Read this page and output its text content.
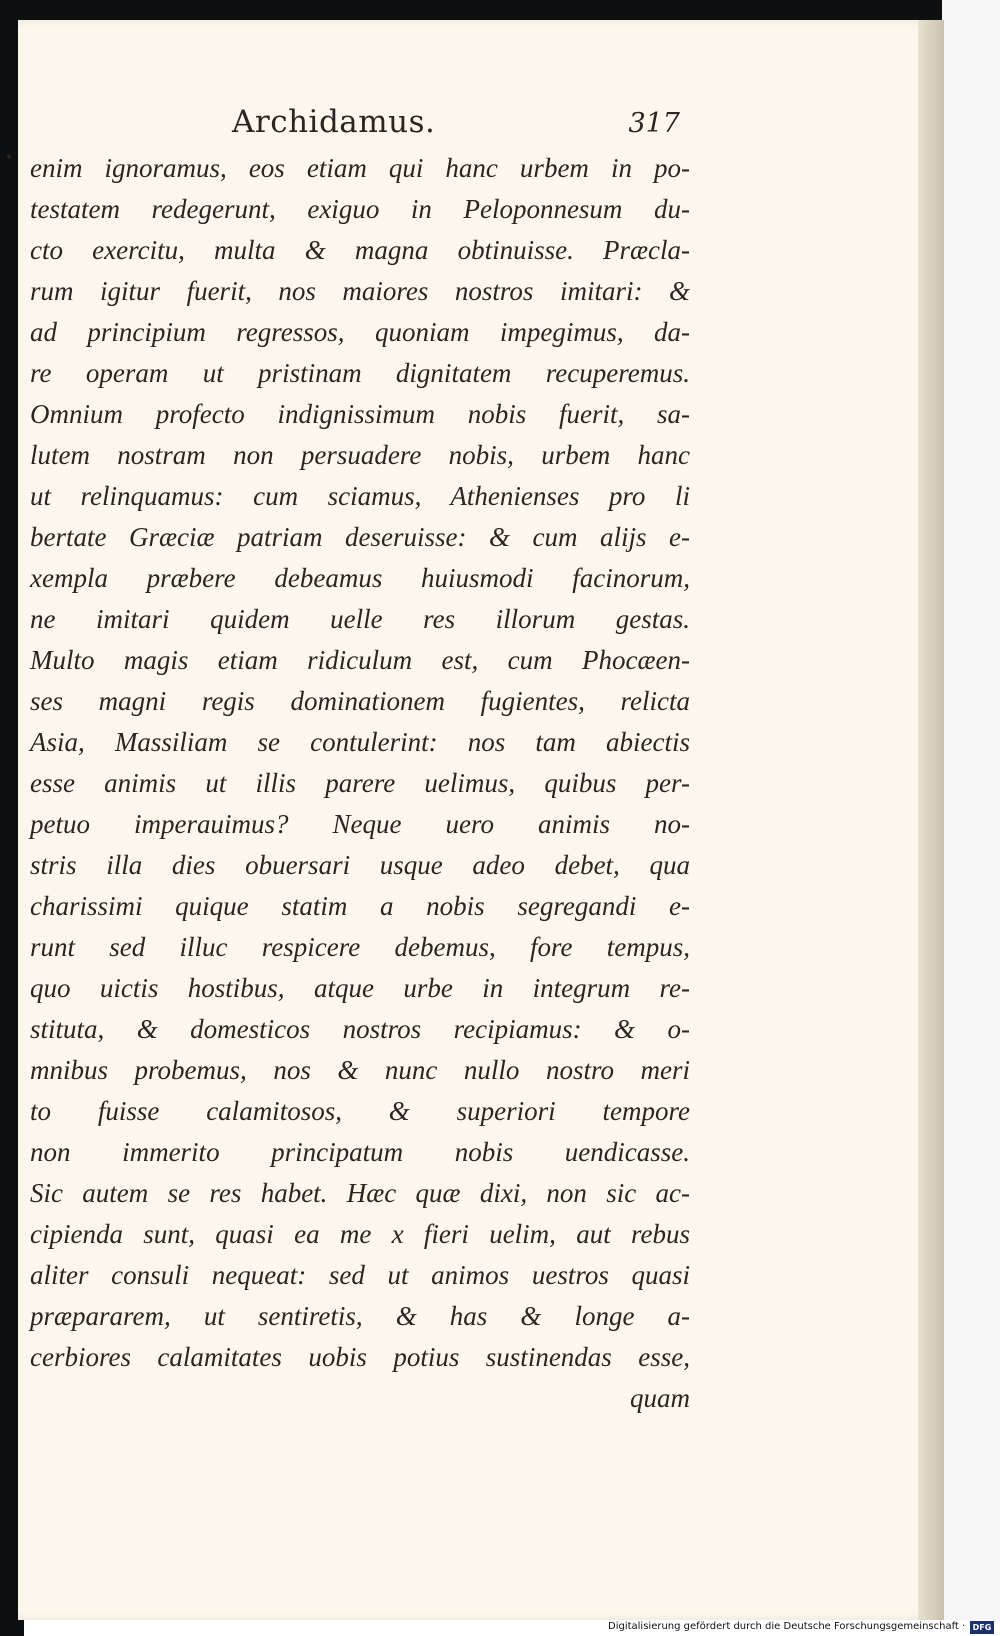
Archidamus.	317
• enim ignoramus, eos etiam qui hanc urbem in po-
testatem redegerunt, exiguo in Peloponnesum du-
cto exercitu, multa & magna obtinuisse. Præcla-
rum igitur fuerit, nos maiores nostros imitari: &
ad principium regressos, quoniam impegimus, da-
re operam ut pristinam dignitatem recuperemus.
Omnium profecto indignissimum nobis fuerit, sa-
lutem nostram non persuadere nobis, urbem hanc
ut relinquamus: cum sciamus, Athenienses pro li
bertate Græciæ patriam deseruisse: & cum alijs e-
xempla præbere debeamus huiusmodi facinorum,
ne imitari quidem uelle res illorum gestas.
Multo magis etiam ridiculum est, cum Phocæen-
ses magni regis dominationem fugientes, relicta
Asia, Massiliam se contulerint: nos tam abiectis
esse animis ut illis parere uelimus, quibus per-
petuo imperauimus? Neque uero animis no-
stris illa dies obuersari usque adeo debet, qua
charissimi quique statim a nobis segregandi e-
runt sed illuc respicere debemus, fore tempus,
quo uictis hostibus, atque urbe in integrum re-
stituta, & domesticos nostros recipiamus: & o-
mnibus probemus, nos & nunc nullo nostro meri
to fuisse calamitosos, & superiori tempore
non immerito principatum nobis uendicasse.
Sic autem se res habet. Hæc quæ dixi, non sic ac-
cipienda sunt, quasi ea me x fieri uelim, aut rebus
aliter consuli nequeat: sed ut animos uestros quasi
præpararem, ut sentiretis, & has & longe a-
cerbiores calamitates uobis potius sustinendas esse,
quam
Digitalisierung gefördert durch die Deutsche Forschungsgemeinschaft · DFG
